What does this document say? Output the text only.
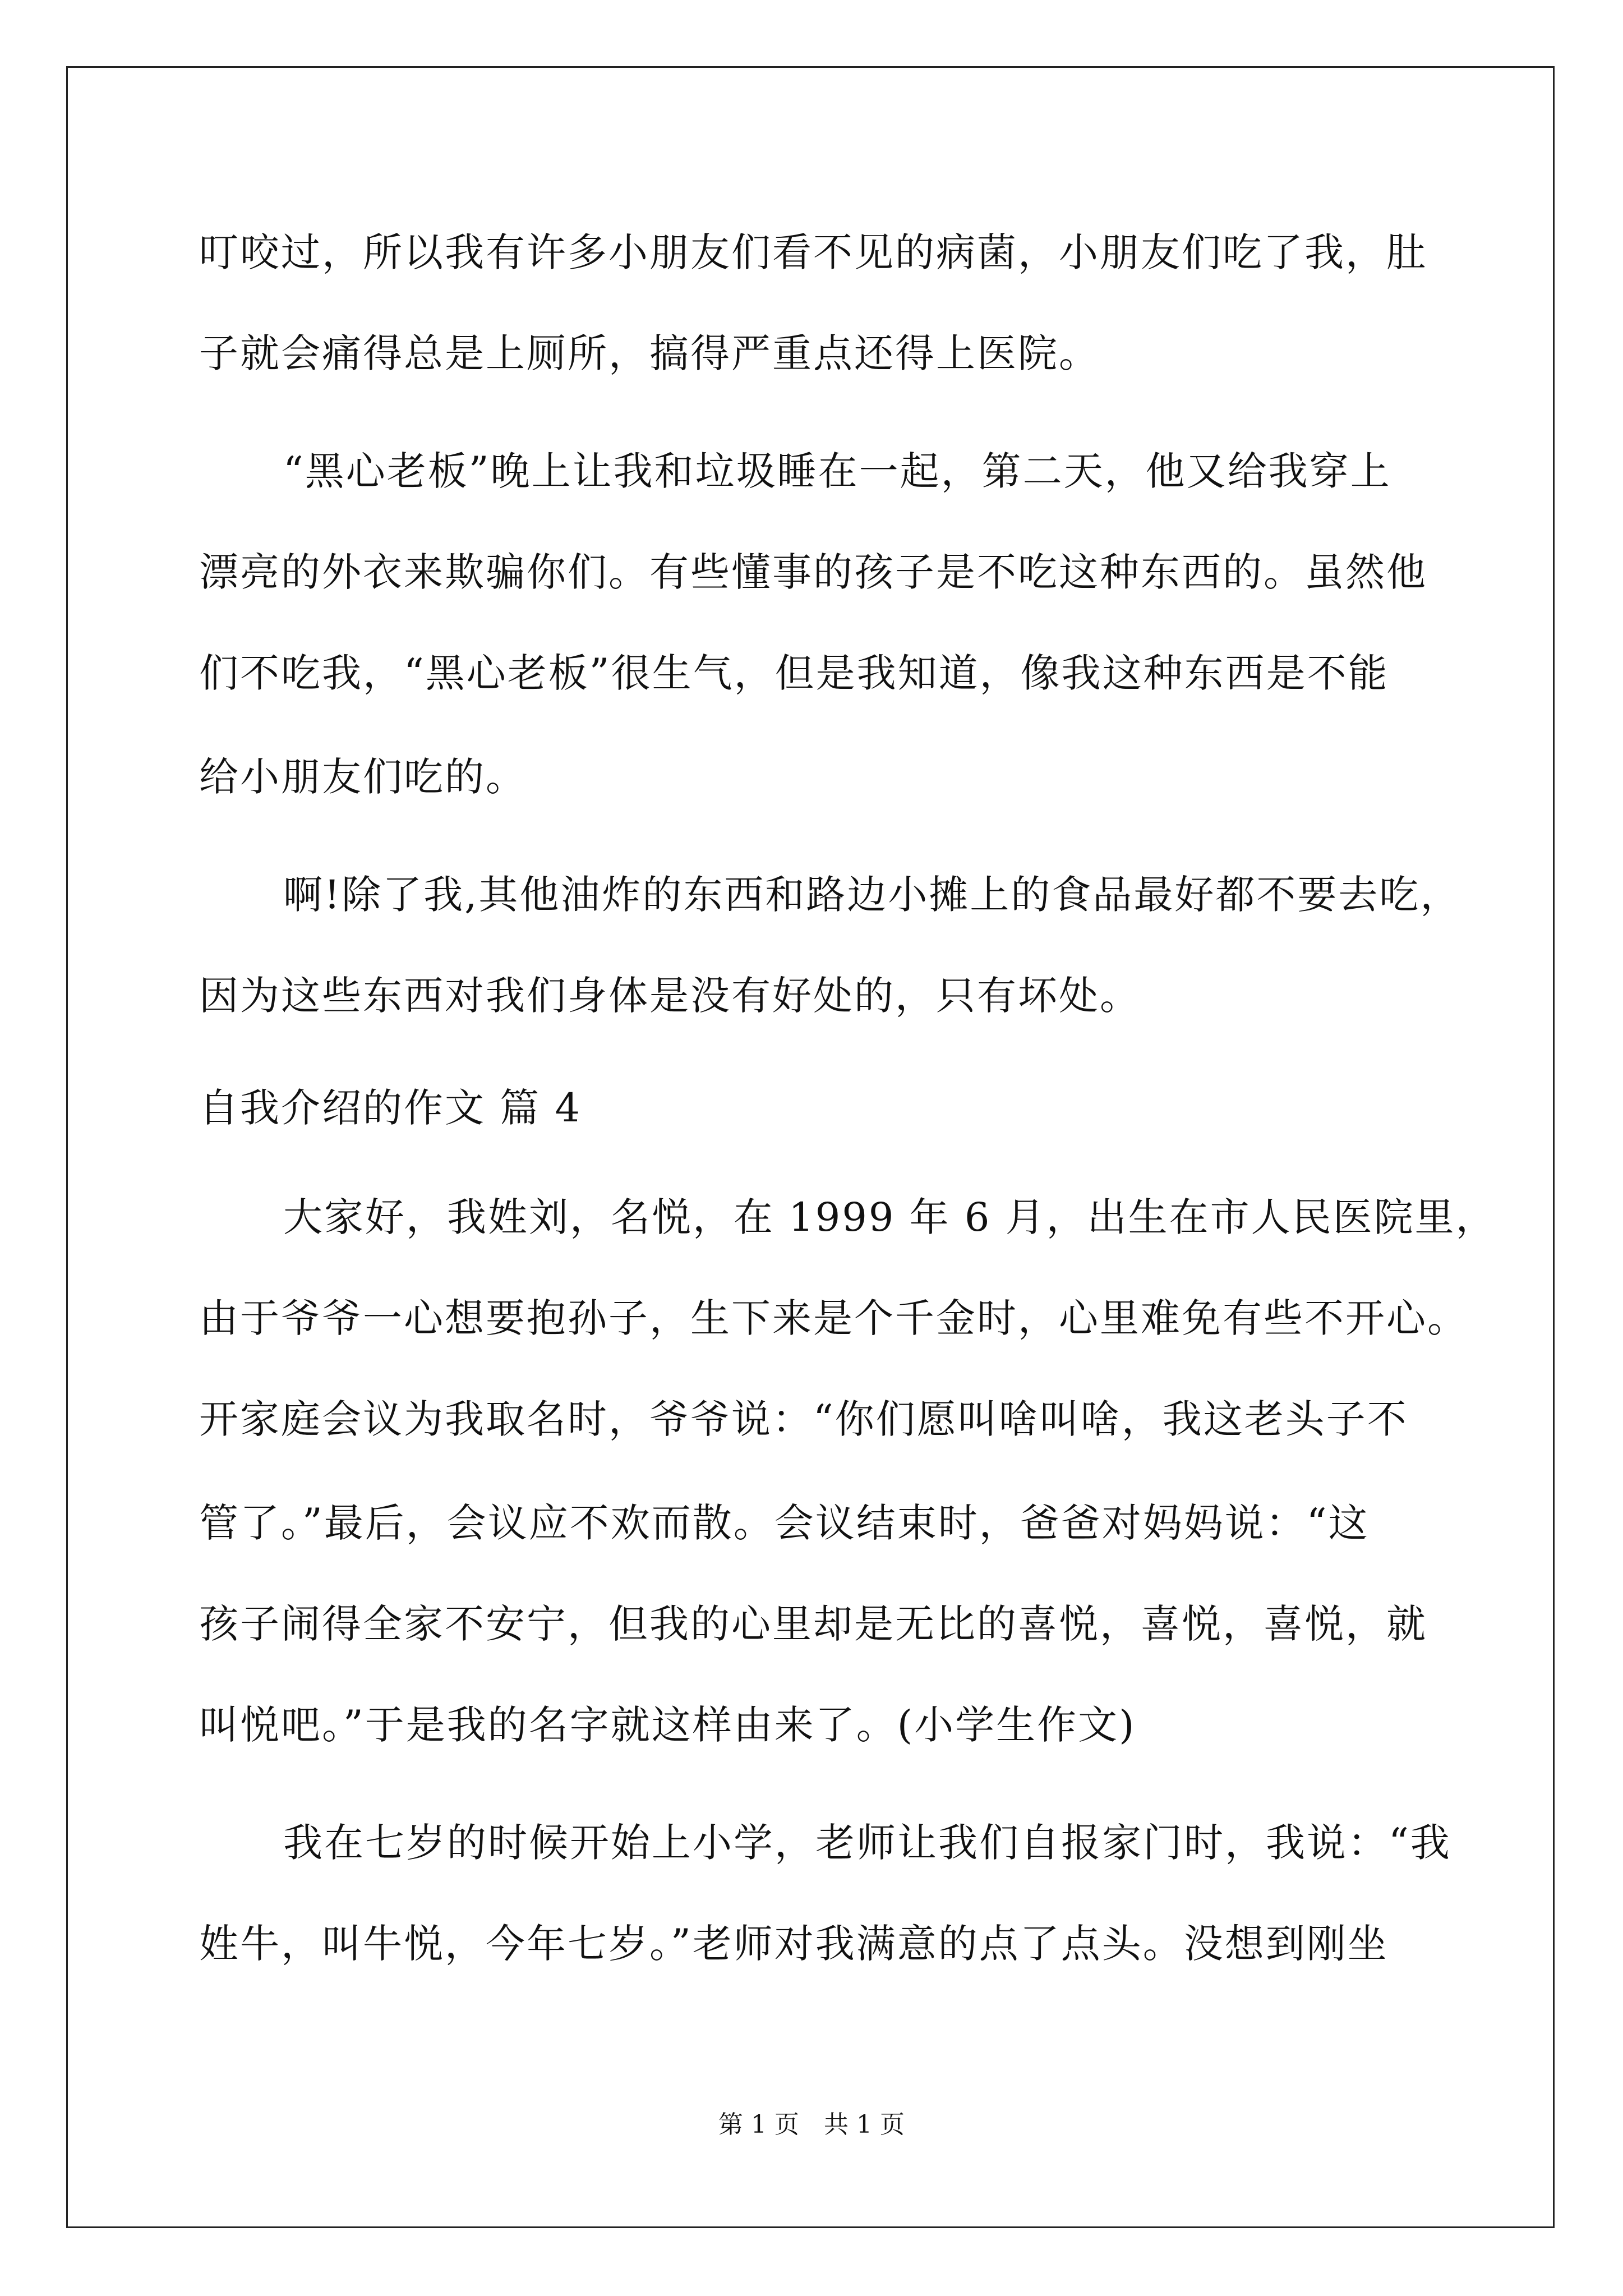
叮咬过，所以我有许多小朋友们看不见的病菌，小朋友们吃了我，肚
子就会痛得总是上厕所，搞得严重点还得上医院。
“黑心老板”晚上让我和垃圾睡在一起，第二天，他又给我穿上
漂亮的外衣来欺骗你们。有些懂事的孩子是不吃这种东西的。虽然他
们不吃我，“黑心老板”很生气，但是我知道，像我这种东西是不能
给小朋友们吃的。
啊!除了我,其他油炸的东西和路边小摊上的食品最好都不要去吃，
因为这些东西对我们身体是没有好处的，只有坏处。
自我介绍的作文 篇 4
大家好，我姓刘，名悦，在 1999 年 6 月，出生在市人民医院里，
由于爷爷一心想要抱孙子，生下来是个千金时，心里难免有些不开心。
开家庭会议为我取名时，爷爷说：“你们愿叫啥叫啥，我这老头子不
管了。”最后，会议应不欢而散。会议结束时，爸爸对妈妈说：“这
孩子闹得全家不安宁，但我的心里却是无比的喜悦，喜悦，喜悦，就
叫悦吧。”于是我的名字就这样由来了。(小学生作文)
我在七岁的时候开始上小学，老师让我们自报家门时，我说：“我
姓牛，叫牛悦，今年七岁。”老师对我满意的点了点头。没想到刚坐
第 1 页　共 1 页
